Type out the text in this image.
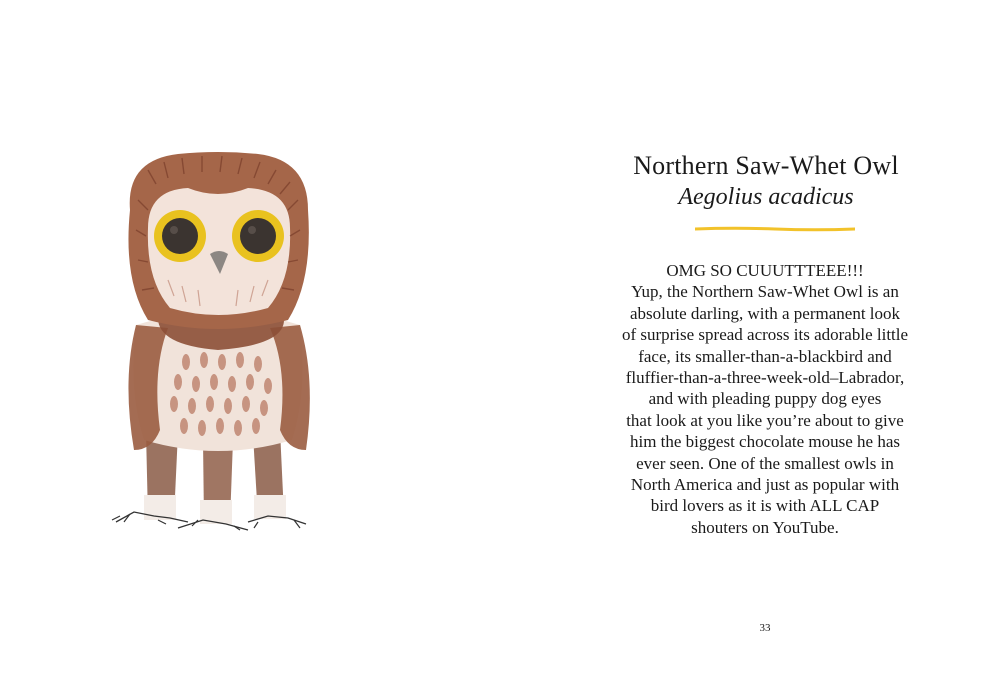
Northern Saw-Whet Owl
Aegolius acadicus
OMG SO CUUUTTTEEE!!!
Yup, the Northern Saw-Whet Owl is an
absolute darling, with a permanent look
of surprise spread across its adorable little
face, its smaller-than-a-blackbird and
fluffier-than-a-three-week-old–Labrador,
and with pleading puppy dog eyes
that look at you like you’re about to give
him the biggest chocolate mouse he has
ever seen. One of the smallest owls in
North America and just as popular with
bird lovers as it is with ALL CAP
shouters on YouTube.
33
